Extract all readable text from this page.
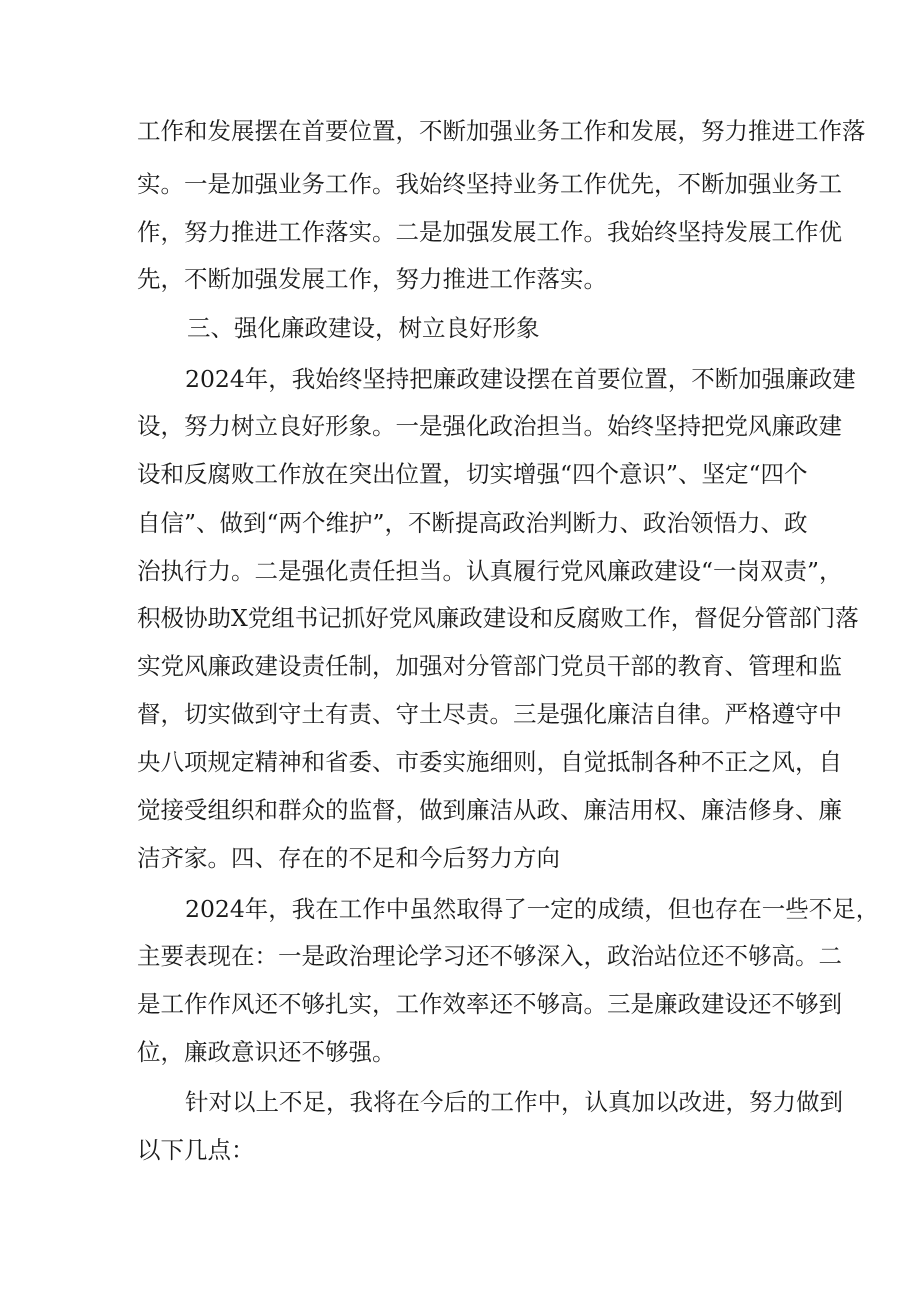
工作和发展摆在首要位置，不断加强业务工作和发展，努力推进工作落

实。一是加强业务工作。我始终坚持业务工作优先，不断加强业务工

作，努力推进工作落实。二是加强发展工作。我始终坚持发展工作优

先，不断加强发展工作，努力推进工作落实。

三、强化廉政建设，树立良好形象

2024年，我始终坚持把廉政建设摆在首要位置，不断加强廉政建

设，努力树立良好形象。一是强化政治担当。始终坚持把党风廉政建

设和反腐败工作放在突出位置，切实增强“四个意识”、坚定“四个

自信”、做到“两个维护”，不断提高政治判断力、政治领悟力、政

治执行力。二是强化责任担当。认真履行党风廉政建设“一岗双责”，

积极协助X党组书记抓好党风廉政建设和反腐败工作，督促分管部门落

实党风廉政建设责任制，加强对分管部门党员干部的教育、管理和监

督，切实做到守土有责、守土尽责。三是强化廉洁自律。严格遵守中

央八项规定精神和省委、市委实施细则，自觉抵制各种不正之风，自

觉接受组织和群众的监督，做到廉洁从政、廉洁用权、廉洁修身、廉

洁齐家。四、存在的不足和今后努力方向

2024年，我在工作中虽然取得了一定的成绩，但也存在一些不足，

主要表现在：一是政治理论学习还不够深入，政治站位还不够高。二

是工作作风还不够扎实，工作效率还不够高。三是廉政建设还不够到

位，廉政意识还不够强。

针对以上不足，我将在今后的工作中，认真加以改进，努力做到

以下几点：
